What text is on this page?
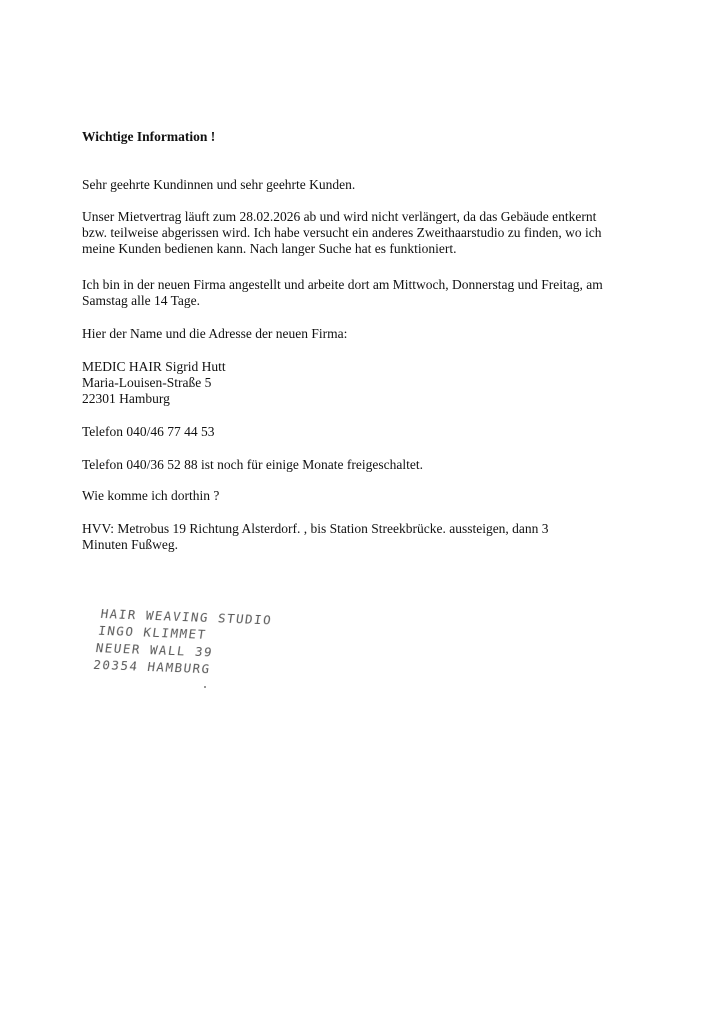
Wichtige Information !

Sehr geehrte Kundinnen und sehr geehrte Kunden.

Unser Mietvertrag läuft zum 28.02.2026 ab und wird nicht verlängert, da das Gebäude entkernt
bzw. teilweise abgerissen wird. Ich habe versucht ein anderes Zweithaarstudio zu finden, wo ich
meine Kunden bedienen kann. Nach langer Suche hat es funktioniert.

Ich bin in der neuen Firma angestellt und arbeite dort am Mittwoch, Donnerstag und Freitag, am
Samstag alle 14 Tage.

Hier der Name und die Adresse der neuen Firma:

MEDIC HAIR Sigrid Hutt
Maria-Louisen-Straße 5
22301 Hamburg

Telefon 040/46 77 44 53

Telefon 040/36 52 88 ist noch für einige Monate freigeschaltet.

Wie komme ich dorthin ?

HVV: Metrobus 19 Richtung Alsterdorf. , bis Station Streekbrücke. aussteigen, dann 3
Minuten Fußweg.

HAIR WEAVING STUDIO
INGO KLIMMET
NEUER WALL 39
20354 HAMBURG
